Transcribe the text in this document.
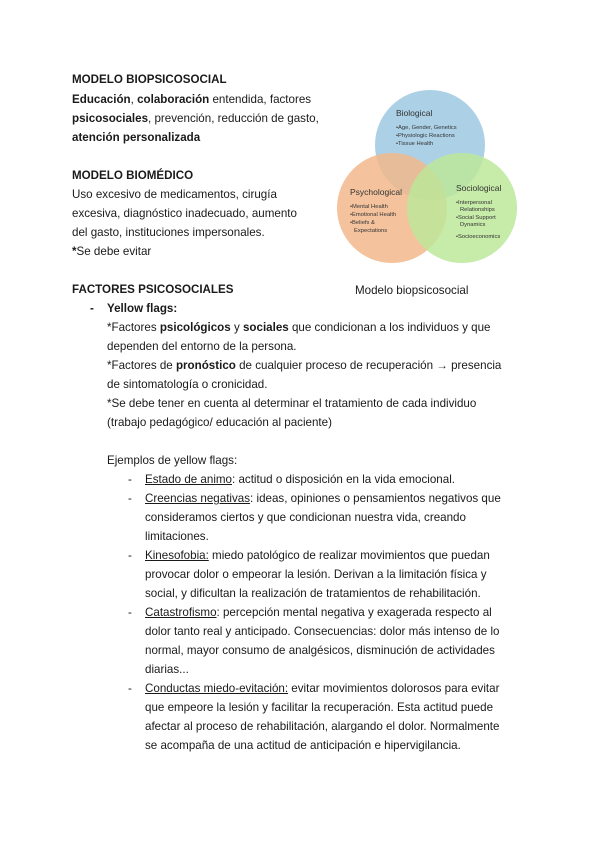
MODELO BIOPSICOSOCIAL
Educación, colaboración entendida, factores
psicosociales, prevención, reducción de gasto,
atención personalizada
MODELO BIOMÉDICO
Uso excesivo de medicamentos, cirugía
excesiva, diagnóstico inadecuado, aumento
del gasto, instituciones impersonales.
*Se debe evitar
Biological
•Age, Gender, Genetics
•Physiologic Reactions
•Tissue Health
Psychological
•Mental Health
•Emotional Health
•Beliefs &
Expectations
Sociological
•Interpersonal
Relationships
•Social Support
Dynamics
•Socioeconomics
Modelo biopsicosocial
FACTORES PSICOSOCIALES
- Yellow flags:
*Factores psicológicos y sociales que condicionan a los individuos y que
dependen del entorno de la persona.
*Factores de pronóstico de cualquier proceso de recuperación → presencia
de sintomatología o cronicidad.
*Se debe tener en cuenta al determinar el tratamiento de cada individuo
(trabajo pedagógico/ educación al paciente)
Ejemplos de yellow flags:
- Estado de animo: actitud o disposición en la vida emocional.
- Creencias negativas: ideas, opiniones o pensamientos negativos que
consideramos ciertos y que condicionan nuestra vida, creando
limitaciones.
- Kinesofobia: miedo patológico de realizar movimientos que puedan
provocar dolor o empeorar la lesión. Derivan a la limitación física y
social, y dificultan la realización de tratamientos de rehabilitación.
- Catastrofismo: percepción mental negativa y exagerada respecto al
dolor tanto real y anticipado. Consecuencias: dolor más intenso de lo
normal, mayor consumo de analgésicos, disminución de actividades
diarias...
- Conductas miedo-evitación: evitar movimientos dolorosos para evitar
que empeore la lesión y facilitar la recuperación. Esta actitud puede
afectar al proceso de rehabilitación, alargando el dolor. Normalmente
se acompaña de una actitud de anticipación e hipervigilancia.
